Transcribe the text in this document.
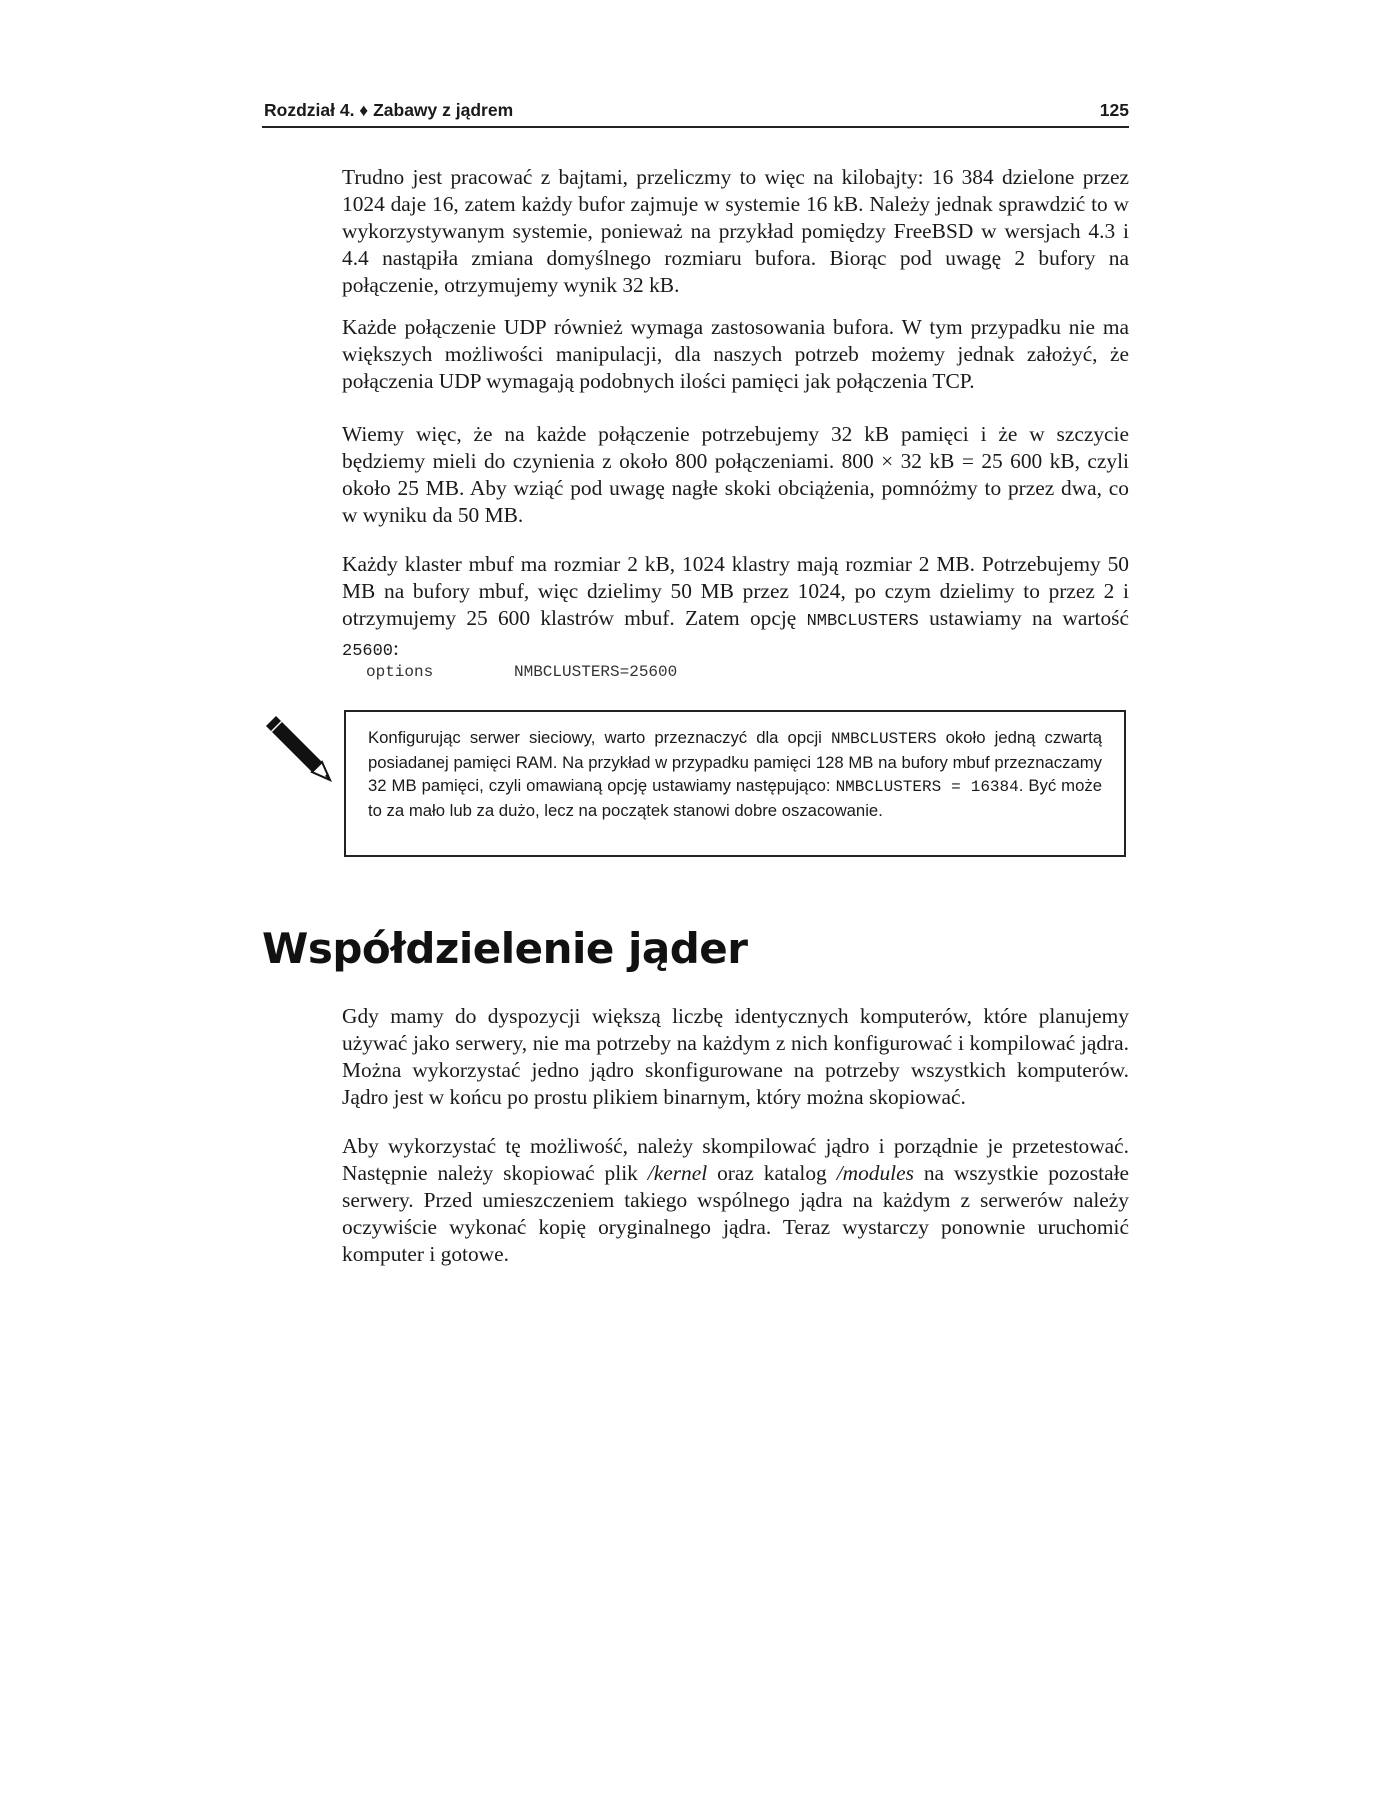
Rozdział 4. ♦ Zabawy z jądrem	125

Trudno jest pracować z bajtami, przeliczmy to więc na kilobajty: 16 384 dzielone przez 1024 daje 16, zatem każdy bufor zajmuje w systemie 16 kB. Należy jednak sprawdzić to w wykorzystywanym systemie, ponieważ na przykład pomiędzy FreeBSD w wersjach 4.3 i 4.4 nastąpiła zmiana domyślnego rozmiaru bufora. Biorąc pod uwagę 2 bufory na połączenie, otrzymujemy wynik 32 kB.

Każde połączenie UDP również wymaga zastosowania bufora. W tym przypadku nie ma większych możliwości manipulacji, dla naszych potrzeb możemy jednak założyć, że połączenia UDP wymagają podobnych ilości pamięci jak połączenia TCP.

Wiemy więc, że na każde połączenie potrzebujemy 32 kB pamięci i że w szczycie będziemy mieli do czynienia z około 800 połączeniami. 800 × 32 kB = 25 600 kB, czyli około 25 MB. Aby wziąć pod uwagę nagłe skoki obciążenia, pomnóżmy to przez dwa, co w wyniku da 50 MB.

Każdy klaster mbuf ma rozmiar 2 kB, 1024 klastry mają rozmiar 2 MB. Potrzebujemy 50 MB na bufory mbuf, więc dzielimy 50 MB przez 1024, po czym dzielimy to przez 2 i otrzymujemy 25 600 klastrów mbuf. Zatem opcję NMBCLUSTERS ustawiamy na wartość 25600:

options	NMBCLUSTERS=25600
Konfigurując serwer sieciowy, warto przeznaczyć dla opcji NMBCLUSTERS około jedną czwartą posiadanej pamięci RAM. Na przykład w przypadku pamięci 128 MB na bufory mbuf przeznaczamy 32 MB pamięci, czyli omawianą opcję ustawiamy następująco: NMBCLUSTERS = 16384. Być może to za mało lub za dużo, lecz na początek stanowi dobre oszacowanie.
Współdzielenie jąder

Gdy mamy do dyspozycji większą liczbę identycznych komputerów, które planujemy używać jako serwery, nie ma potrzeby na każdym z nich konfigurować i kompilować jądra. Można wykorzystać jedno jądro skonfigurowane na potrzeby wszystkich komputerów. Jądro jest w końcu po prostu plikiem binarnym, który można skopiować.

Aby wykorzystać tę możliwość, należy skompilować jądro i porządnie je przetestować. Następnie należy skopiować plik /kernel oraz katalog /modules na wszystkie pozostałe serwery. Przed umieszczeniem takiego wspólnego jądra na każdym z serwerów należy oczywiście wykonać kopię oryginalnego jądra. Teraz wystarczy ponownie uruchomić komputer i gotowe.
